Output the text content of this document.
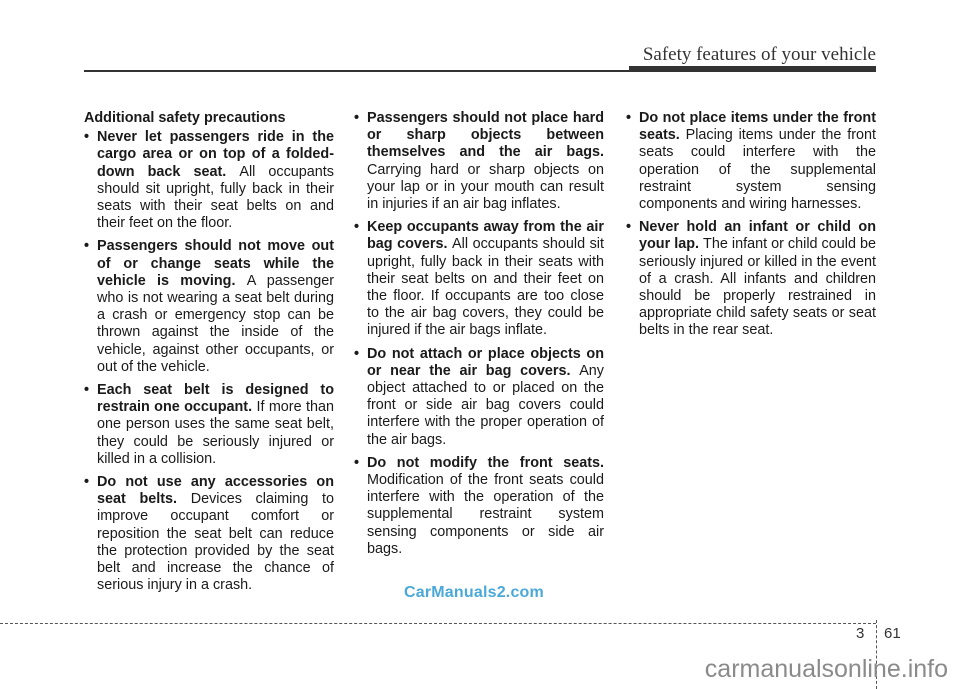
Safety features of your vehicle

Additional safety precautions

• Never let passengers ride in the cargo area or on top of a folded-down back seat. All occupants should sit upright, fully back in their seats with their seat belts on and their feet on the floor.
• Passengers should not move out of or change seats while the vehicle is moving. A passenger who is not wearing a seat belt during a crash or emergency stop can be thrown against the inside of the vehicle, against other occupants, or out of the vehicle.
• Each seat belt is designed to restrain one occupant. If more than one person uses the same seat belt, they could be seriously injured or killed in a collision.
• Do not use any accessories on seat belts. Devices claiming to improve occupant comfort or reposition the seat belt can reduce the protection provided by the seat belt and increase the chance of serious injury in a crash.
• Passengers should not place hard or sharp objects between themselves and the air bags. Carrying hard or sharp objects on your lap or in your mouth can result in injuries if an air bag inflates.
• Keep occupants away from the air bag covers. All occupants should sit upright, fully back in their seats with their seat belts on and their feet on the floor. If occupants are too close to the air bag covers, they could be injured if the air bags inflate.
• Do not attach or place objects on or near the air bag covers. Any object attached to or placed on the front or side air bag covers could interfere with the proper operation of the air bags.
• Do not modify the front seats. Modification of the front seats could interfere with the operation of the supplemental restraint system sensing components or side air bags.
• Do not place items under the front seats. Placing items under the front seats could interfere with the operation of the supplemental restraint system sensing components and wiring harnesses.
• Never hold an infant or child on your lap. The infant or child could be seriously injured or killed in the event of a crash. All infants and children should be properly restrained in appropriate child safety seats or seat belts in the rear seat.
CarManuals2.com
3 61
carmanualsonline.info
